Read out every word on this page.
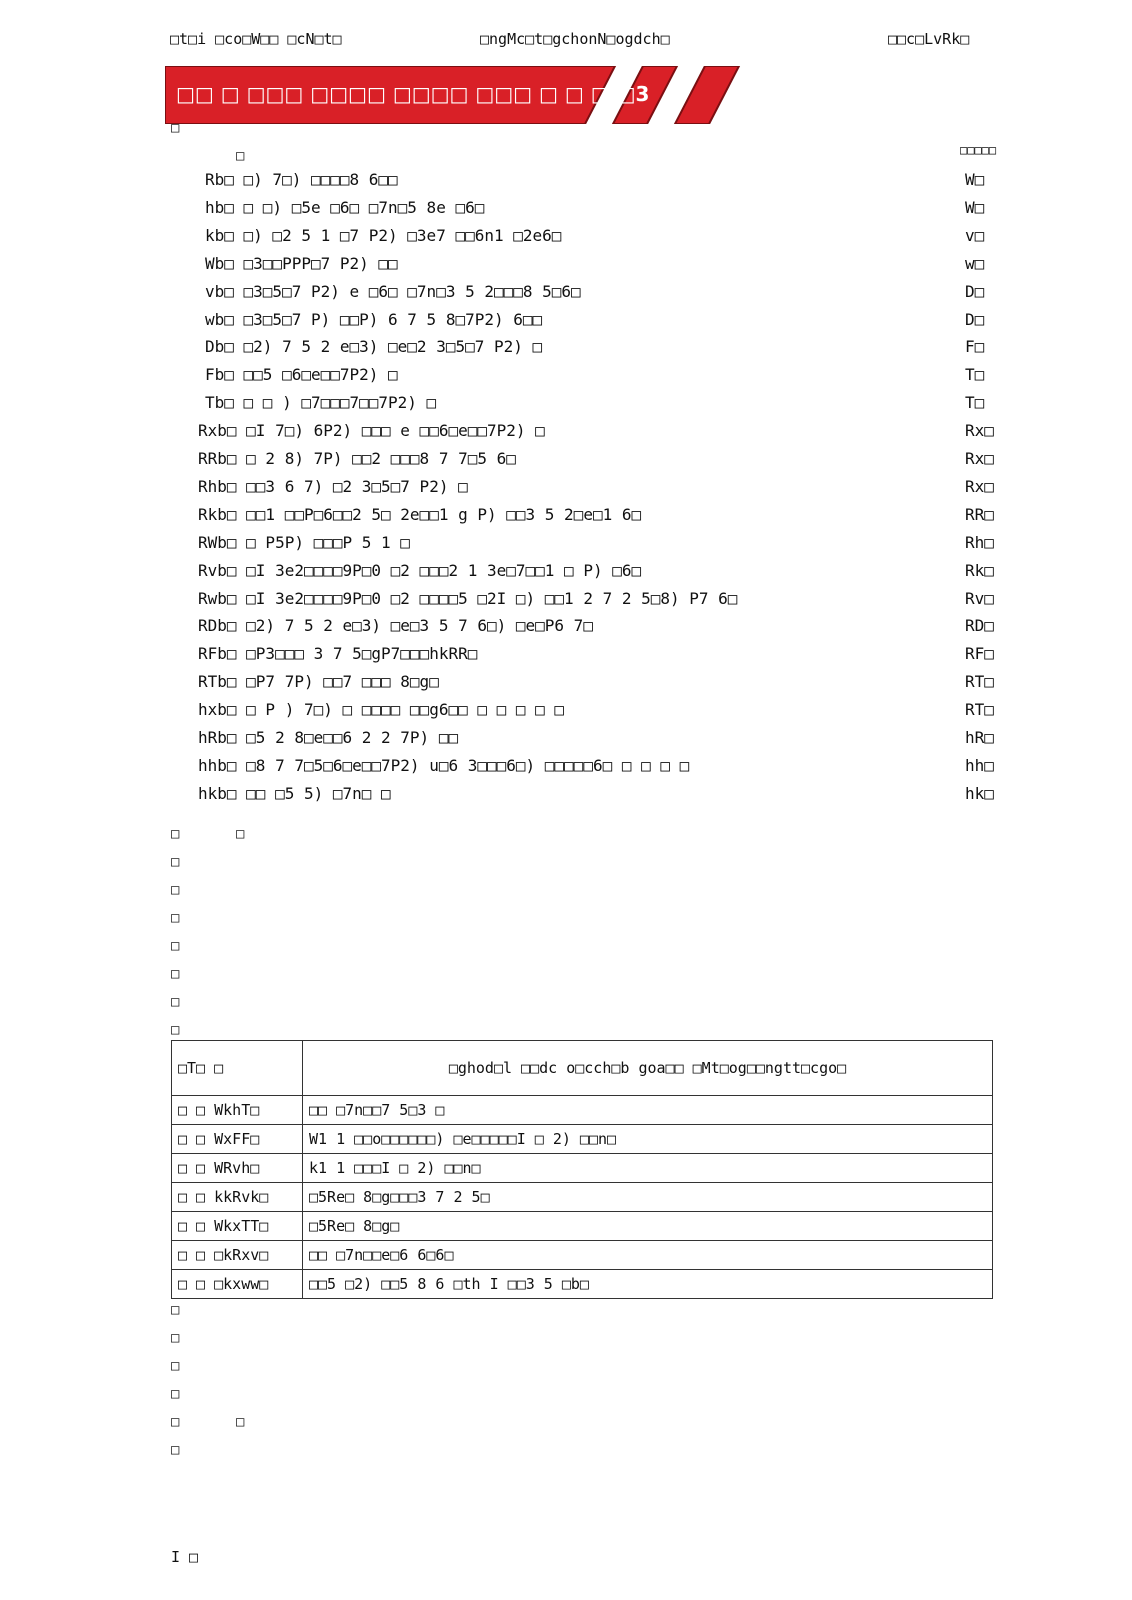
□t□i □co□W□□ □cN□t□	□ngMc□t□gchonN□ogdch□	□□c□LvRk□
□□ □ □□□ □□□□ □□□□ □□□ □ □ □ □3
□
□	□□□□□
Rb□ □) 7□) □□□□8 6□□	W□
hb□ □ □) □5e □6□ □7n□5 8e □6□	W□
kb□ □) □2 5 1 □7 P2) □3e7 □□6n1 □2e6□	v□
Wb□ □3□□PPP□7 P2) □□	w□
vb□ □3□5□7 P2) e □6□ □7n□3 5 2□□□8 5□6□	D□
wb□ □3□5□7 P) □□P) 6 7 5 8□7P2) 6□□	D□
Db□ □2) 7 5 2 e□3) □e□2 3□5□7 P2) □	F□
Fb□ □□5 □6□e□□7P2) □	T□
Tb□ □ □ ) □7□□□7□□7P2) □	T□
Rxb□ □I 7□) 6P2) □□□ e □□6□e□□7P2) □	Rx□
RRb□ □ 2 8) 7P) □□2 □□□8 7 7□5 6□	Rx□
Rhb□ □□3 6 7) □2 3□5□7 P2) □	Rx□
Rkb□ □□1 □□P□6□□2 5□ 2e□□1 g P) □□3 5 2□e□1 6□	RR□
RWb□ □ P5P) □□□P 5 1 □	Rh□
Rvb□ □I 3e2□□□□9P□0 □2 □□□2 1 3e□7□□1 □ P) □6□	Rk□
Rwb□ □I 3e2□□□□9P□0 □2 □□□□5 □2I □) □□1 2 7 2 5□8) P7 6□	Rv□
RDb□ □2) 7 5 2 e□3) □e□3 5 7 6□) □e□P6 7□	RD□
RFb□ □P3□□□ 3 7 5□gP7□□□hkRR□	RF□
RTb□ □P7 7P) □□7 □□□ 8□g□	RT□
hxb□ □ P ) 7□) □ □□□□ □□g6□□ □ □ □ □ □	RT□
hRb□ □5 2 8□e□□6 2 2 7P) □□	hR□
hhb□ □8 7 7□5□6□e□□7P2) u□6 3□□□6□) □□□□□6□ □ □ □ □	hh□
hkb□ □□ □5 5) □7n□ □	hk□
□	□
□
□
□
□
□
□
□
□T□ □	□ghod□l □□dc o□cch□b goa□□ □Mt□og□□ngtt□cgo□
□ □ WkhT□	□□ □7n□□7 5□3 □
□ □ WxFF□	W1 1 □□o□□□□□□) □e□□□□□I □ 2) □□n□
□ □ WRvh□	k1 1 □□□I □ 2) □□n□
□ □ kkRvk□	□5Re□ 8□g□□□3 7 2 5□
□ □ WkxTT□	□5Re□ 8□g□
□ □ □kRxv□	□□ □7n□□e□6 6□6□
□ □ □kxww□	□□5 □2) □□5 8 6 □th I □□3 5 □b□
□
□
□
□
□	□
□
I □
